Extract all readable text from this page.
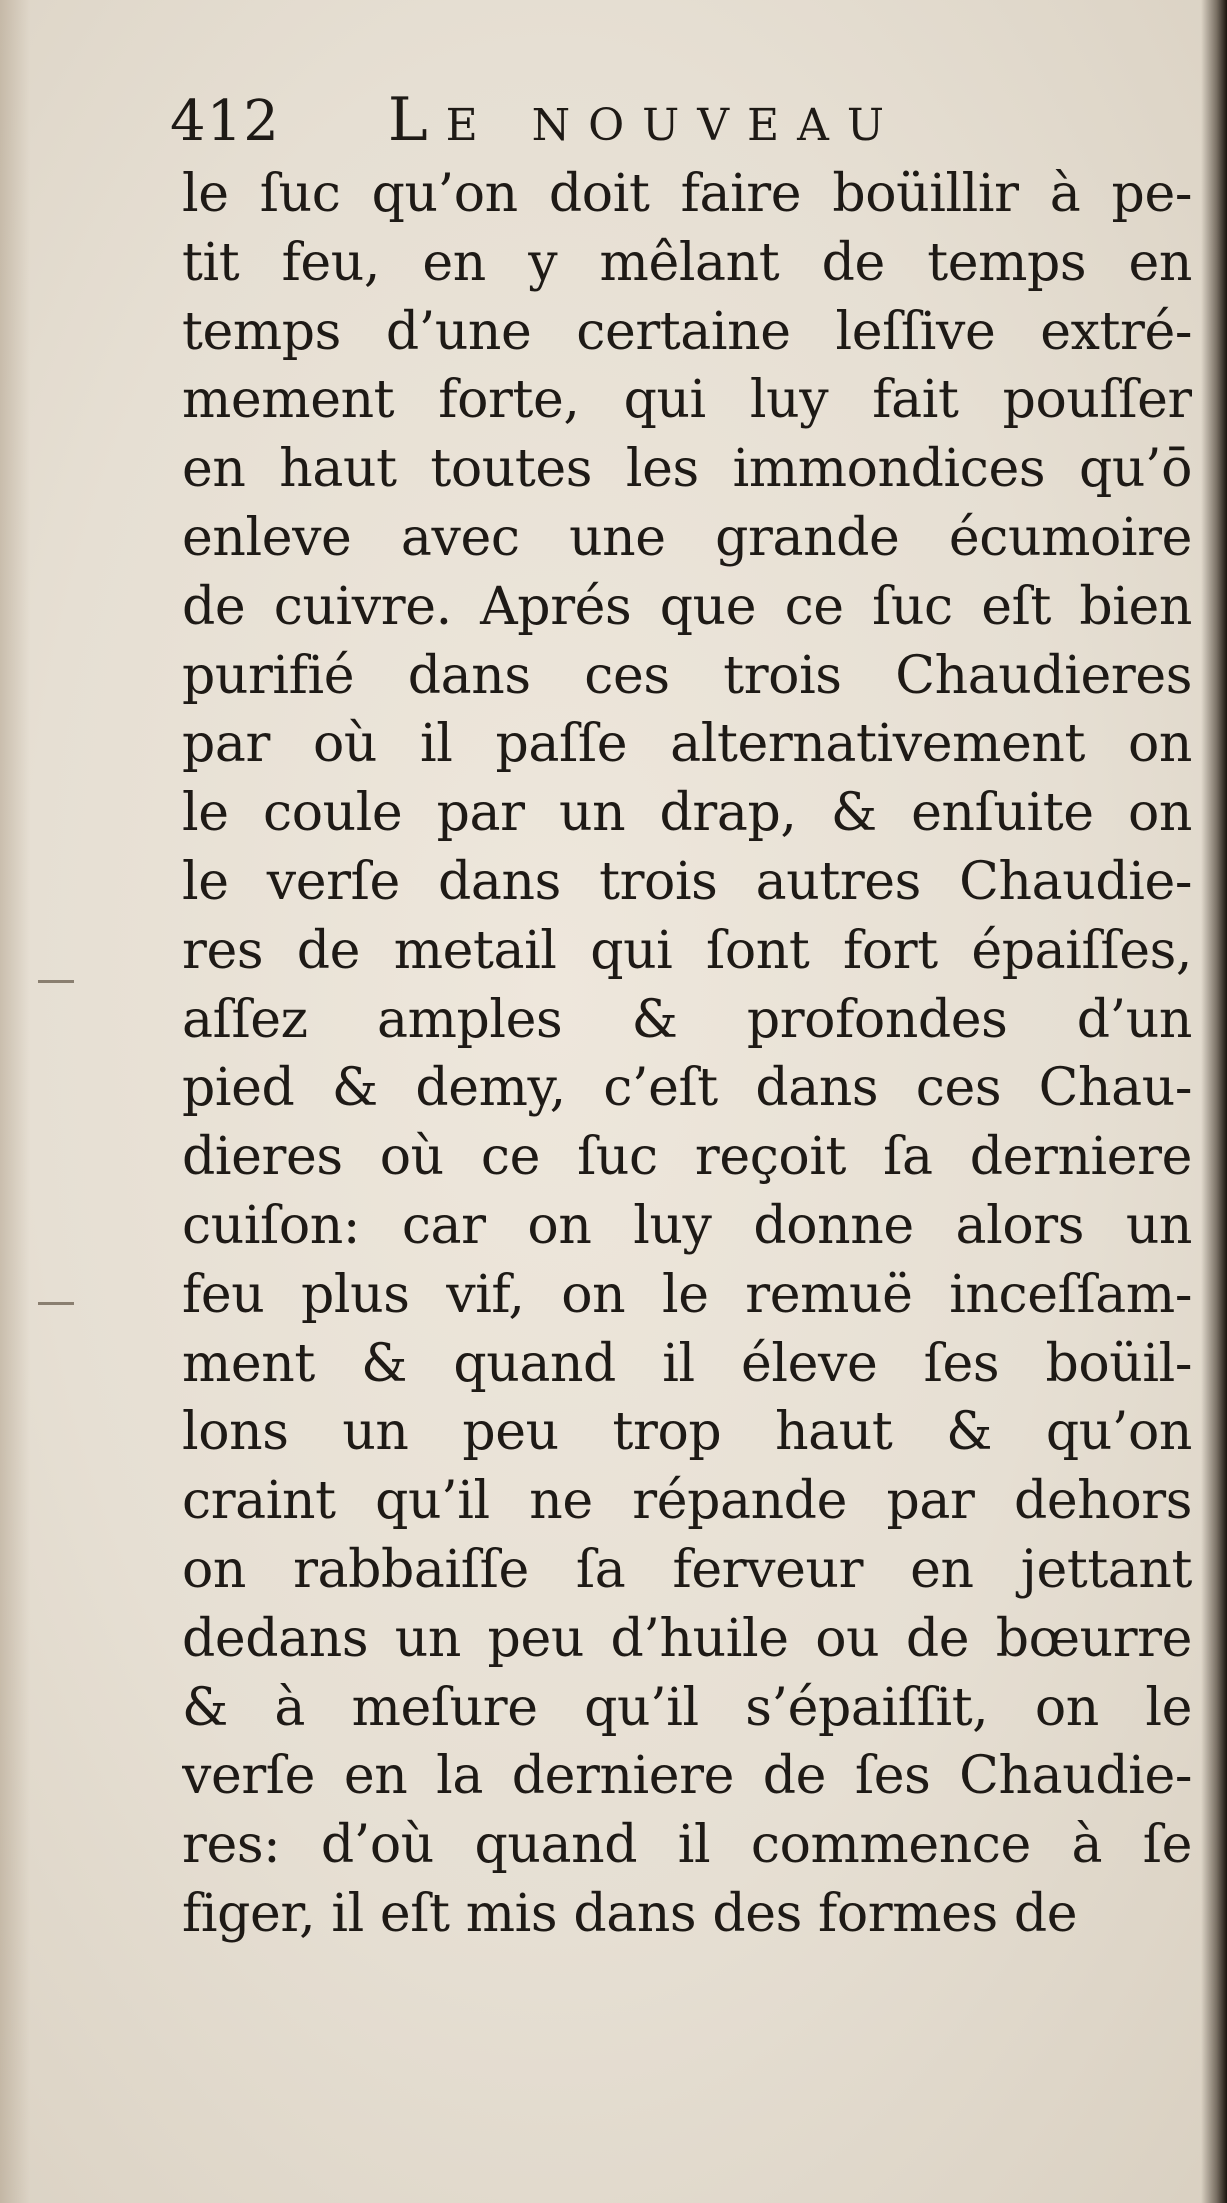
412 LE NOUVEAU
le ſuc qu’on doit faire boüillir à pe-
tit feu, en y mêlant de temps en
temps d’une certaine leſſive extré-
mement forte, qui luy fait pouſſer
en haut toutes les immondices qu’ō
enleve avec une grande écumoire
de cuivre. Aprés que ce ſuc eſt bien
purifié dans ces trois Chaudieres
par où il paſſe alternativement on
le coule par un drap, & enſuite on
le verſe dans trois autres Chaudie-
res de metail qui ſont fort épaiſſes,
aſſez amples & profondes d’un
pied & demy, c’eſt dans ces Chau-
dieres où ce ſuc reçoit ſa derniere
cuiſon: car on luy donne alors un
feu plus vif, on le remuë inceſſam-
ment & quand il éleve ſes boüil-
lons un peu trop haut & qu’on
craint qu’il ne répande par dehors
on rabbaiſſe ſa ferveur en jettant
dedans un peu d’huile ou de bœurre
& à meſure qu’il s’épaiſſit, on le
verſe en la derniere de ſes Chaudie-
res: d’où quand il commence à ſe
figer, il eſt mis dans des formes de
